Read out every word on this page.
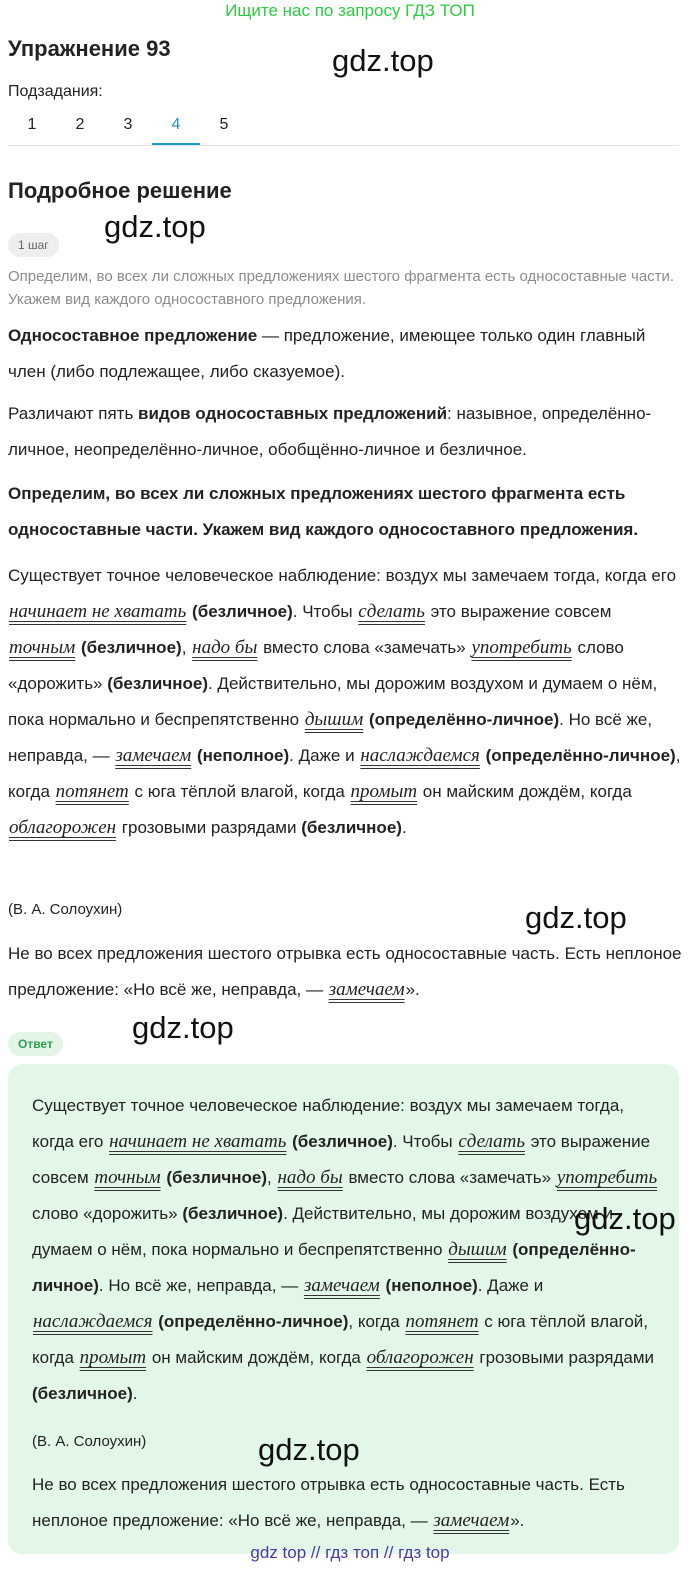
Ищите нас по запросу ГДЗ ТОП
Упражнение 93	gdz.top
Подзадания:
1	2	3	4	5
Подробное решение
gdz.top
1 шаг
Определим, во всех ли сложных предложениях шестого фрагмента есть односоставные части. Укажем вид каждого односоставного предложения.
Односоставное предложение — предложение, имеющее только один главный член (либо подлежащее, либо сказуемое).
Различают пять видов односоставных предложений: назывное, определённо-личное, неопределённо-личное, обобщённо-личное и безличное.
Определим, во всех ли сложных предложениях шестого фрагмента есть односоставные части. Укажем вид каждого односоставного предложения.
Существует точное человеческое наблюдение: воздух мы замечаем тогда, когда его начинает не хватать (безличное). Чтобы сделать это выражение совсем точным (безличное), надо бы вместо слова «замечать» употребить слово «дорожить» (безличное). Действительно, мы дорожим воздухом и думаем о нём, пока нормально и беспрепятственно дышим (определённо-личное). Но всё же, неправда, — замечаем (неполное). Даже и наслаждаемся (определённо-личное), когда потянет с юга тёплой влагой, когда промыт он майским дождём, когда облагорожен грозовыми разрядами (безличное).
(В. А. Солоухин)	gdz.top
Не во всех предложения шестого отрывка есть односоставные часть. Есть неплоное предложение: «Но всё же, неправда, — замечаем».
gdz.top
Ответ
Существует точное человеческое наблюдение: воздух мы замечаем тогда, когда его начинает не хватать (безличное). Чтобы сделать это выражение совсем точным (безличное), надо бы вместо слова «замечать» употребить слово «дорожить» (безличное). Действительно, мы дорожим воздухом и думаем о нём, пока нормально и беспрепятственно дышим (определённо-личное). Но всё же, неправда, — замечаем (неполное). Даже и наслаждаемся (определённо-личное), когда потянет с юга тёплой влагой, когда промыт он майским дождём, когда облагорожен грозовыми разрядами (безличное).
gdz.top
(В. А. Солоухин)	gdz.top
Не во всех предложения шестого отрывка есть односоставные часть. Есть неплоное предложение: «Но всё же, неправда, — замечаем».
gdz top // гдз топ // гдз top
